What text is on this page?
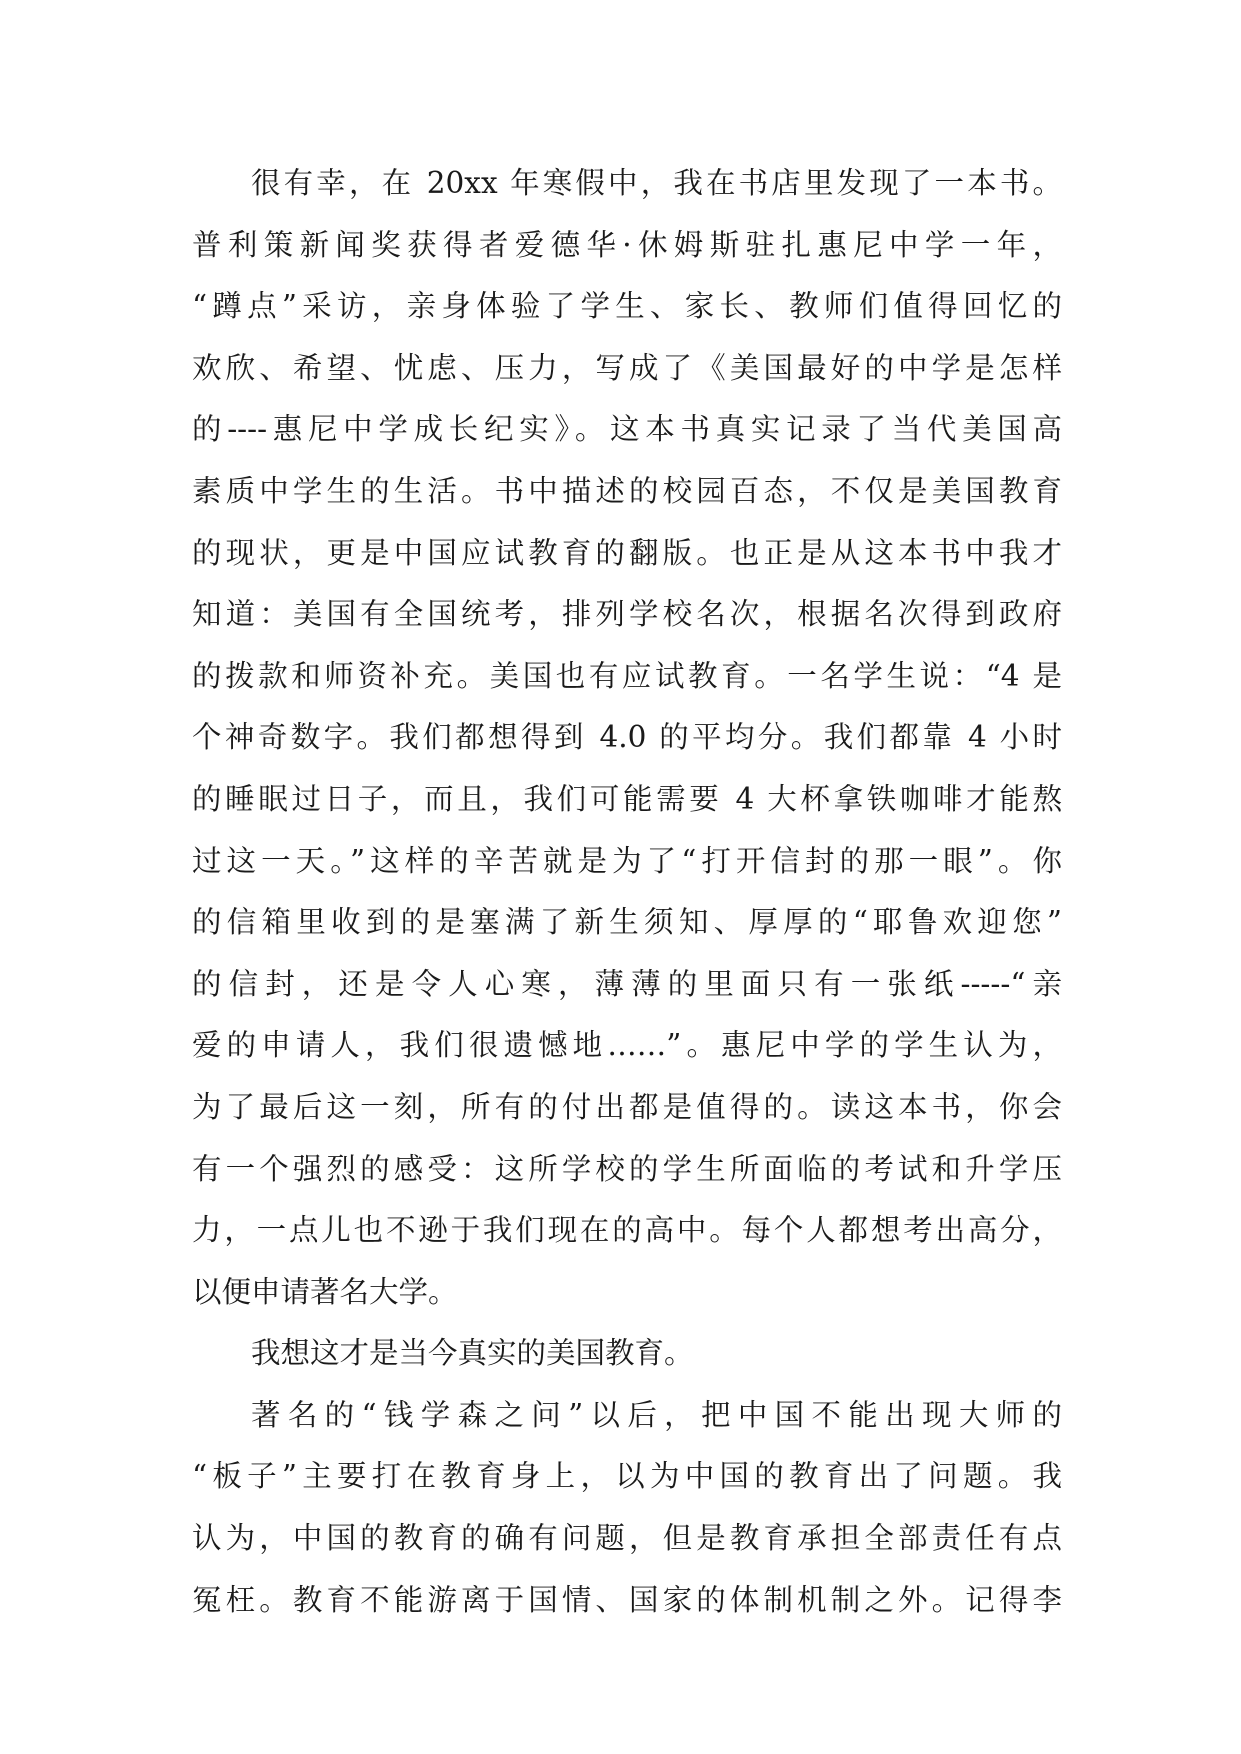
很有幸，在 20xx 年寒假中，我在书店里发现了一本书。
普利策新闻奖获得者爱德华·休姆斯驻扎惠尼中学一年，
“蹲点”采访，亲身体验了学生、家长、教师们值得回忆的
欢欣、希望、忧虑、压力，写成了《美国最好的中学是怎样
的----惠尼中学成长纪实》。这本书真实记录了当代美国高
素质中学生的生活。书中描述的校园百态，不仅是美国教育
的现状，更是中国应试教育的翻版。也正是从这本书中我才
知道：美国有全国统考，排列学校名次，根据名次得到政府
的拨款和师资补充。美国也有应试教育。一名学生说：“4 是
个神奇数字。我们都想得到 4.0 的平均分。我们都靠 4 小时
的睡眠过日子，而且，我们可能需要 4 大杯拿铁咖啡才能熬
过这一天。”这样的辛苦就是为了“打开信封的那一眼”。你
的信箱里收到的是塞满了新生须知、厚厚的“耶鲁欢迎您”
的信封，还是令人心寒，薄薄的里面只有一张纸-----“亲
爱的申请人，我们很遗憾地……”。惠尼中学的学生认为，
为了最后这一刻，所有的付出都是值得的。读这本书，你会
有一个强烈的感受：这所学校的学生所面临的考试和升学压
力，一点儿也不逊于我们现在的高中。每个人都想考出高分，
以便申请著名大学。
我想这才是当今真实的美国教育。
著名的“钱学森之问”以后，把中国不能出现大师的
“板子”主要打在教育身上，以为中国的教育出了问题。我
认为，中国的教育的确有问题，但是教育承担全部责任有点
冤枉。教育不能游离于国情、国家的体制机制之外。记得李
